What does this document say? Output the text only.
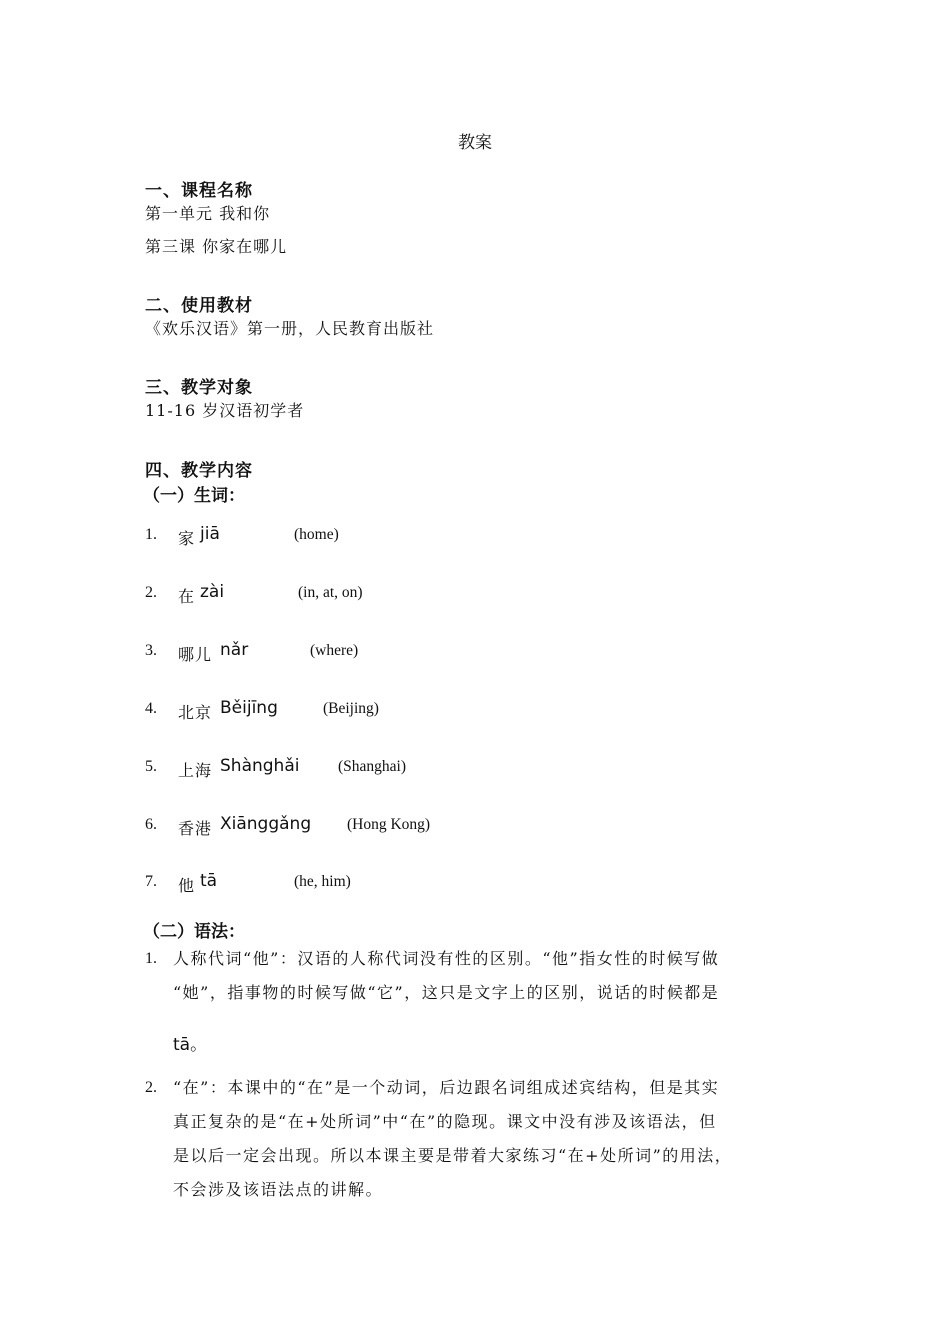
教案
一、课程名称
第一单元 我和你
第三课 你家在哪儿
二、使用教材
《欢乐汉语》第一册，人民教育出版社
三、教学对象
11-16 岁汉语初学者
四、教学内容
（一）生词：
1. 家 jiā	(home)
2. 在 zài	(in, at, on)
3. 哪儿 nǎr	(where)
4. 北京 Běijīng	(Beijing)
5. 上海 Shànghǎi (Shanghai)
6. 香港 Xiānggǎng (Hong Kong)
7. 他 tā	(he, him)
（二）语法：
1. 人称代词“他”：汉语的人称代词没有性的区别。“他”指女性的时候写做
“她”，指事物的时候写做“它”，这只是文字上的区别，说话的时候都是
tā。
2. “在”：本课中的“在”是一个动词，后边跟名词组成述宾结构，但是其实
真正复杂的是“在+处所词”中“在”的隐现。课文中没有涉及该语法，但
是以后一定会出现。所以本课主要是带着大家练习“在+处所词”的用法，
不会涉及该语法点的讲解。
